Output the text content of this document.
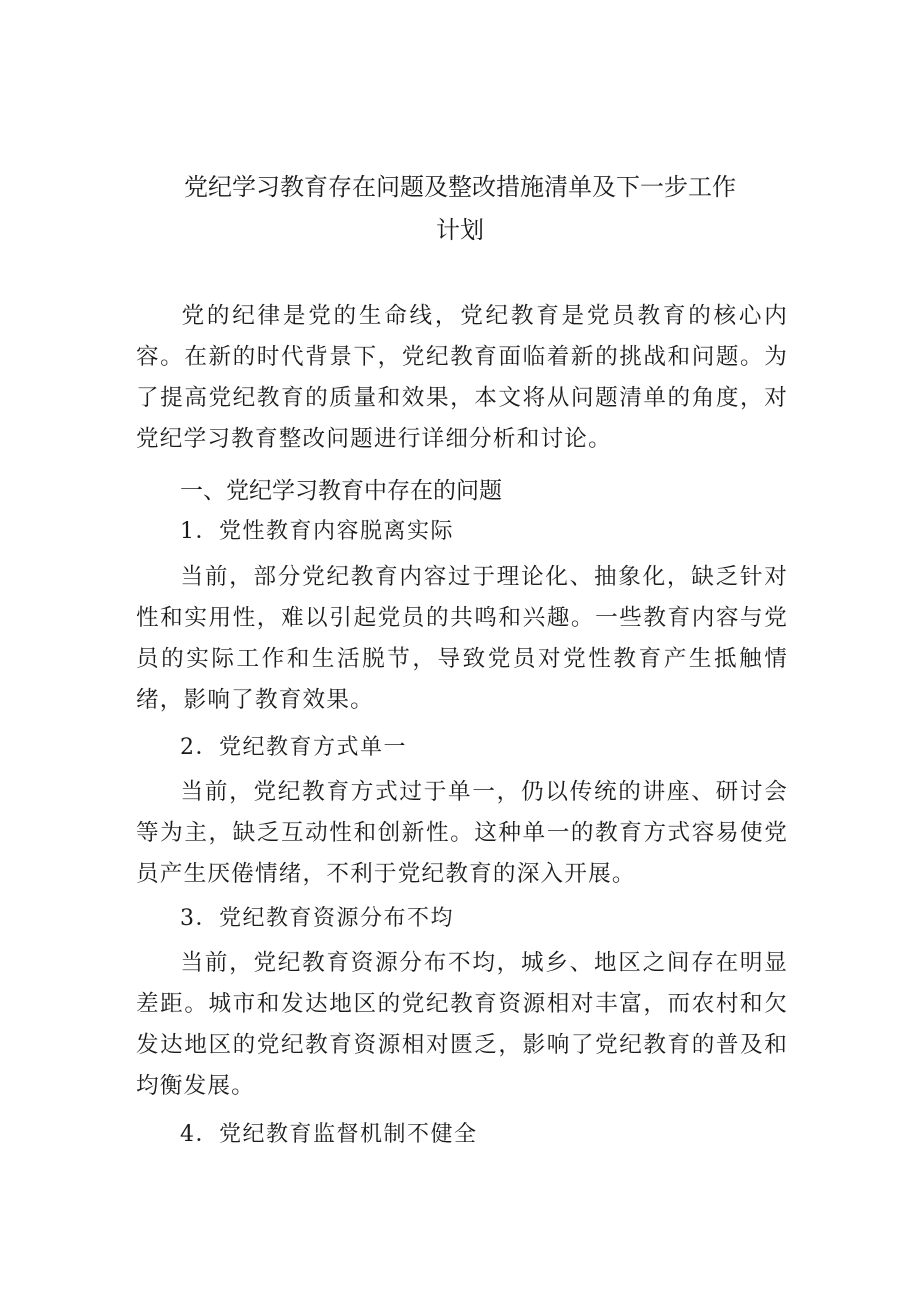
党纪学习教育存在问题及整改措施清单及下一步工作
计划

党的纪律是党的生命线，党纪教育是党员教育的核心内容。在新的时代背景下，党纪教育面临着新的挑战和问题。为了提高党纪教育的质量和效果，本文将从问题清单的角度，对党纪学习教育整改问题进行详细分析和讨论。

一、党纪学习教育中存在的问题
1．党性教育内容脱离实际

当前，部分党纪教育内容过于理论化、抽象化，缺乏针对性和实用性，难以引起党员的共鸣和兴趣。一些教育内容与党员的实际工作和生活脱节，导致党员对党性教育产生抵触情绪，影响了教育效果。

2．党纪教育方式单一

当前，党纪教育方式过于单一，仍以传统的讲座、研讨会等为主，缺乏互动性和创新性。这种单一的教育方式容易使党员产生厌倦情绪，不利于党纪教育的深入开展。

3．党纪教育资源分布不均

当前，党纪教育资源分布不均，城乡、地区之间存在明显差距。城市和发达地区的党纪教育资源相对丰富，而农村和欠发达地区的党纪教育资源相对匮乏，影响了党纪教育的普及和均衡发展。

4．党纪教育监督机制不健全
